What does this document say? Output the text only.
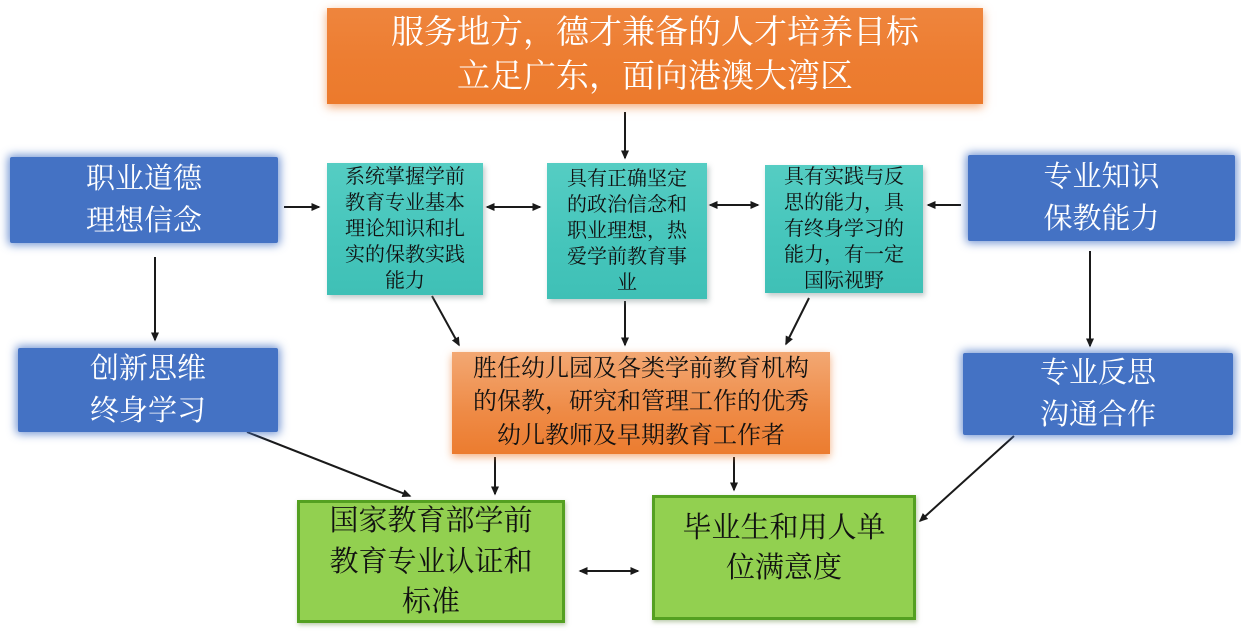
服务地方，德才兼备的人才培养目标
立足广东，面向港澳大湾区
职业道德
理想信念
创新思维
终身学习
专业知识
保教能力
专业反思
沟通合作
系统掌握学前
教育专业基本
理论知识和扎
实的保教实践
能力
具有正确坚定
的政治信念和
职业理想，热
爱学前教育事
业
具有实践与反
思的能力，具
有终身学习的
能力，有一定
国际视野
胜任幼儿园及各类学前教育机构
的保教，研究和管理工作的优秀
幼儿教师及早期教育工作者
国家教育部学前
教育专业认证和
标准
毕业生和用人单
位满意度
